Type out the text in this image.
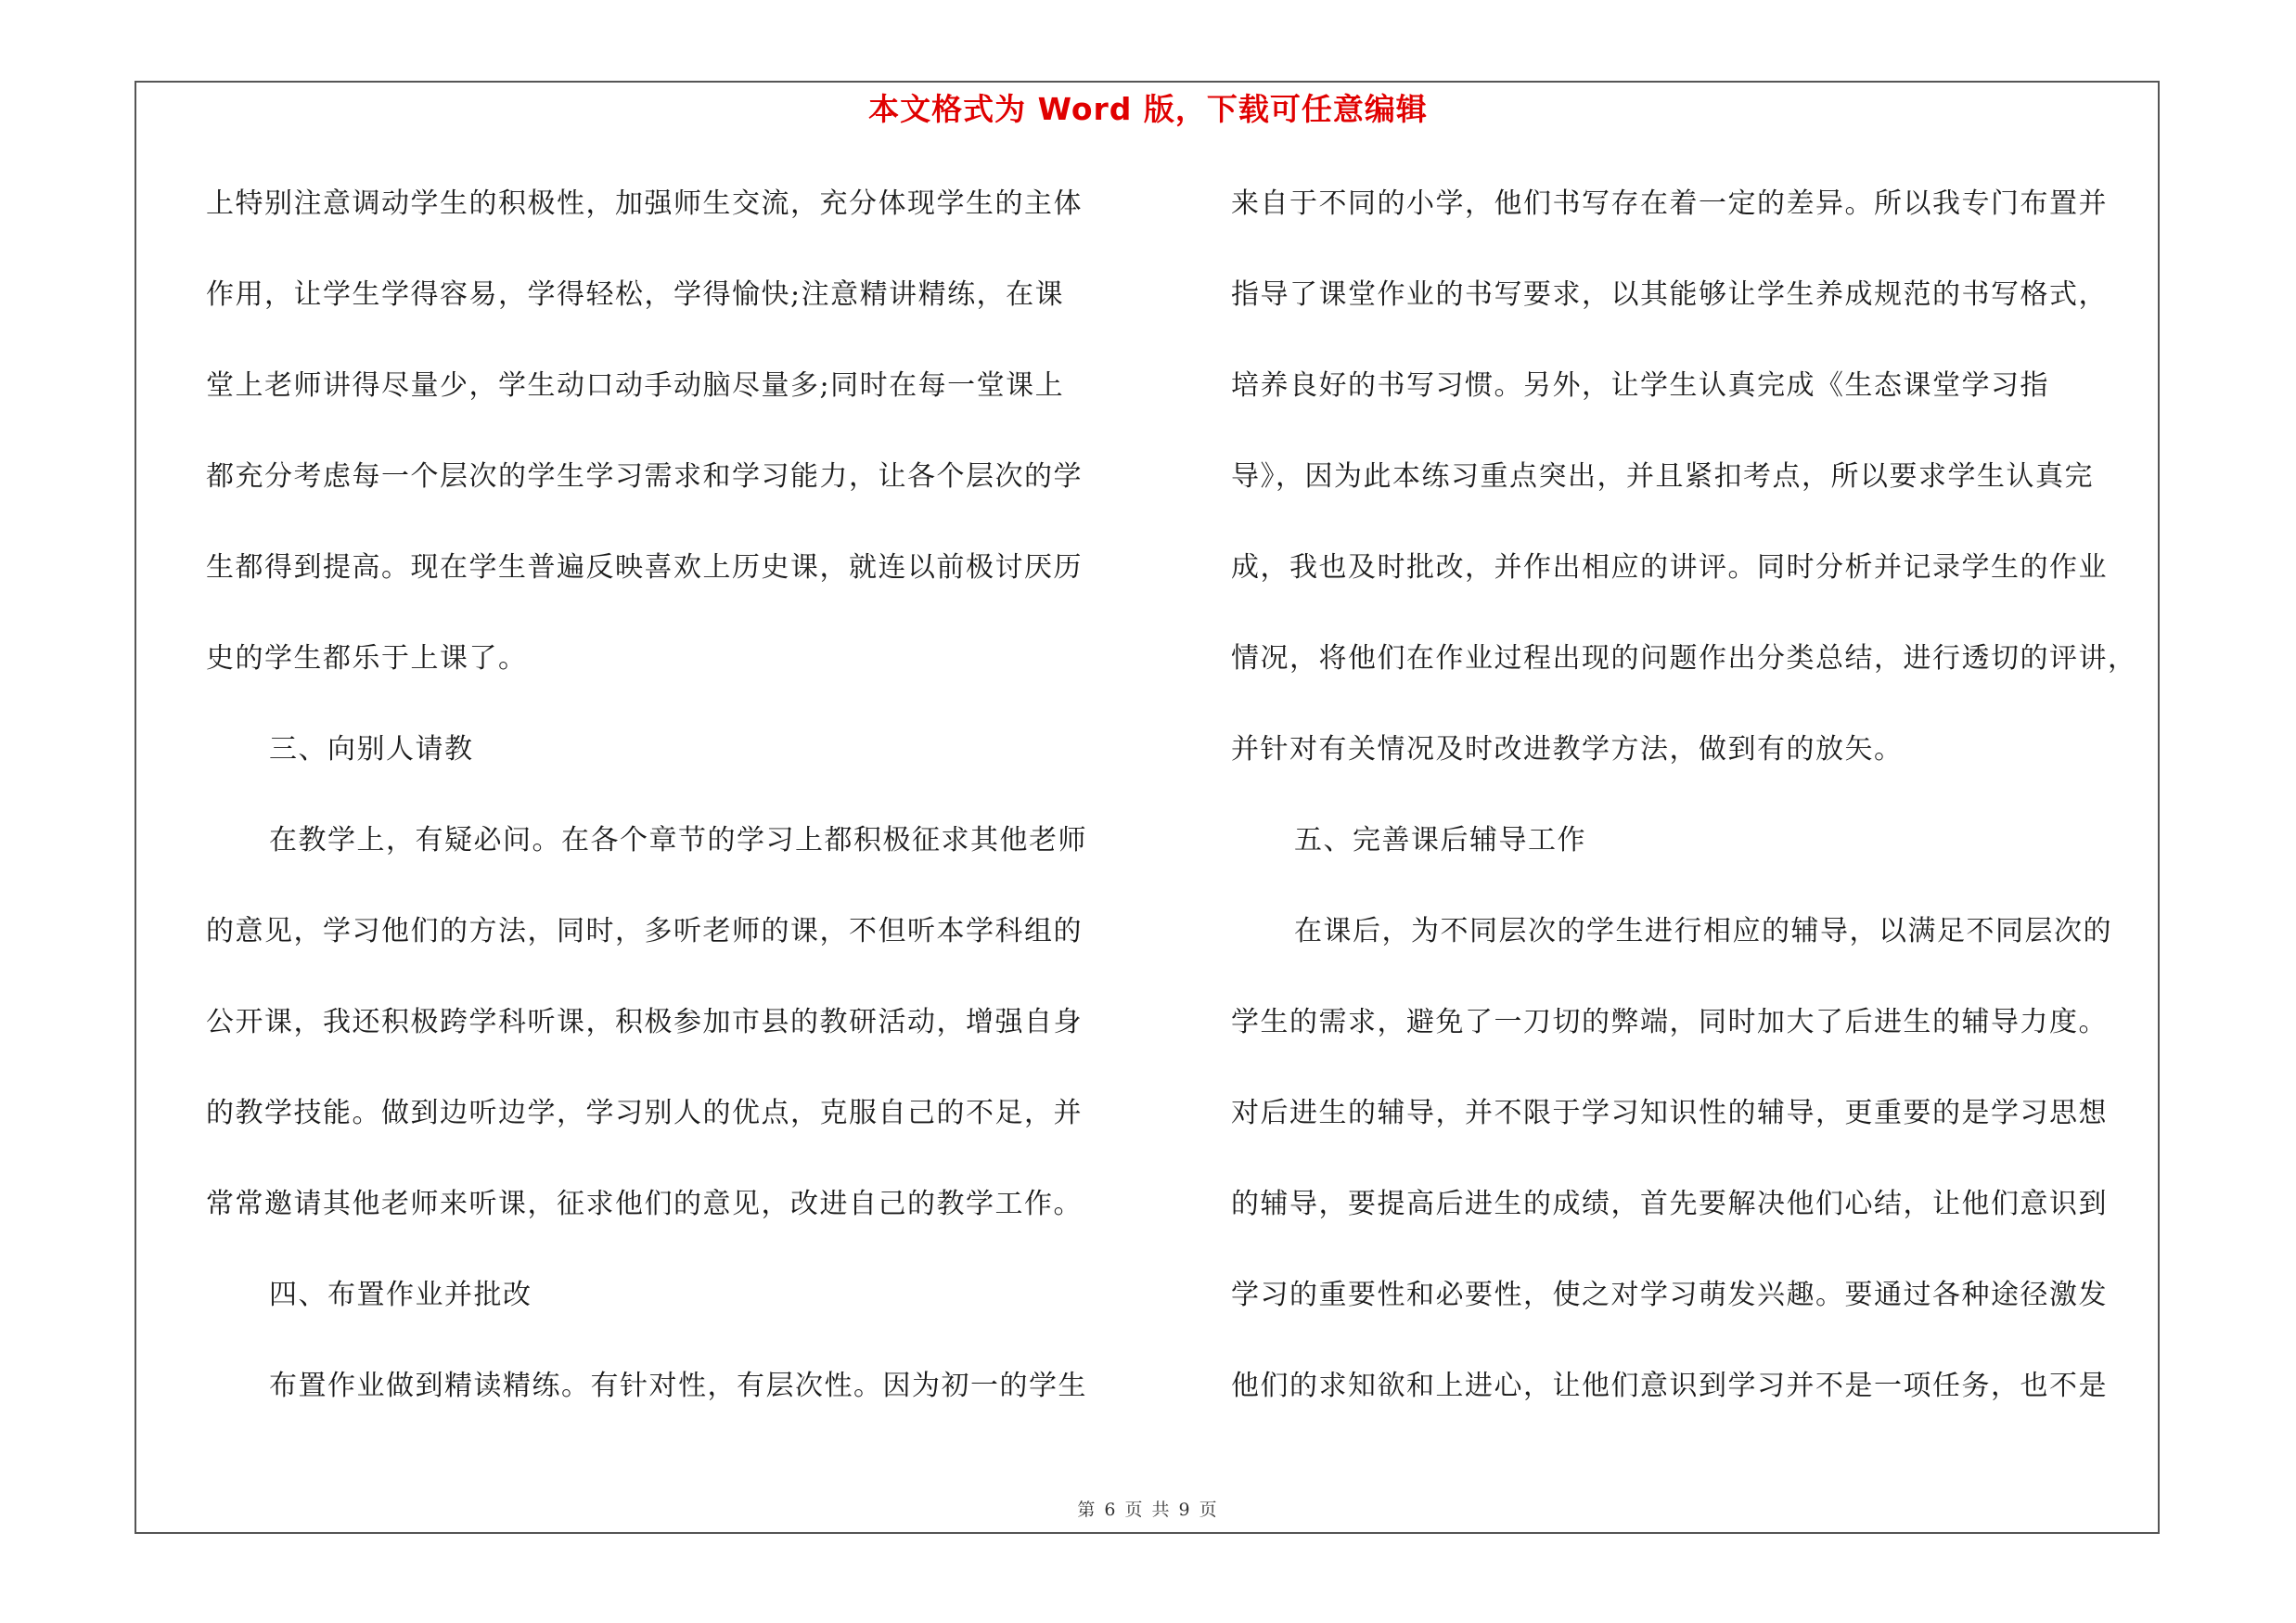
本文格式为 Word 版，下载可任意编辑

上特别注意调动学生的积极性，加强师生交流，充分体现学生的主体

作用，让学生学得容易，学得轻松，学得愉快;注意精讲精练，在课

堂上老师讲得尽量少，学生动口动手动脑尽量多;同时在每一堂课上

都充分考虑每一个层次的学生学习需求和学习能力，让各个层次的学

生都得到提高。现在学生普遍反映喜欢上历史课，就连以前极讨厌历

史的学生都乐于上课了。

三、向别人请教

在教学上，有疑必问。在各个章节的学习上都积极征求其他老师

的意见，学习他们的方法，同时，多听老师的课，不但听本学科组的

公开课，我还积极跨学科听课，积极参加市县的教研活动，增强自身

的教学技能。做到边听边学，学习别人的优点，克服自己的不足，并

常常邀请其他老师来听课，征求他们的意见，改进自己的教学工作。

四、布置作业并批改

布置作业做到精读精练。有针对性，有层次性。因为初一的学生

来自于不同的小学，他们书写存在着一定的差异。所以我专门布置并

指导了课堂作业的书写要求，以其能够让学生养成规范的书写格式，

培养良好的书写习惯。另外，让学生认真完成《生态课堂学习指

导》，因为此本练习重点突出，并且紧扣考点，所以要求学生认真完

成，我也及时批改，并作出相应的讲评。同时分析并记录学生的作业

情况，将他们在作业过程出现的问题作出分类总结，进行透切的评讲，

并针对有关情况及时改进教学方法，做到有的放矢。

五、完善课后辅导工作

在课后，为不同层次的学生进行相应的辅导，以满足不同层次的

学生的需求，避免了一刀切的弊端，同时加大了后进生的辅导力度。

对后进生的辅导，并不限于学习知识性的辅导，更重要的是学习思想

的辅导，要提高后进生的成绩，首先要解决他们心结，让他们意识到

学习的重要性和必要性，使之对学习萌发兴趣。要通过各种途径激发

他们的求知欲和上进心，让他们意识到学习并不是一项任务，也不是

第 6 页 共 9 页
